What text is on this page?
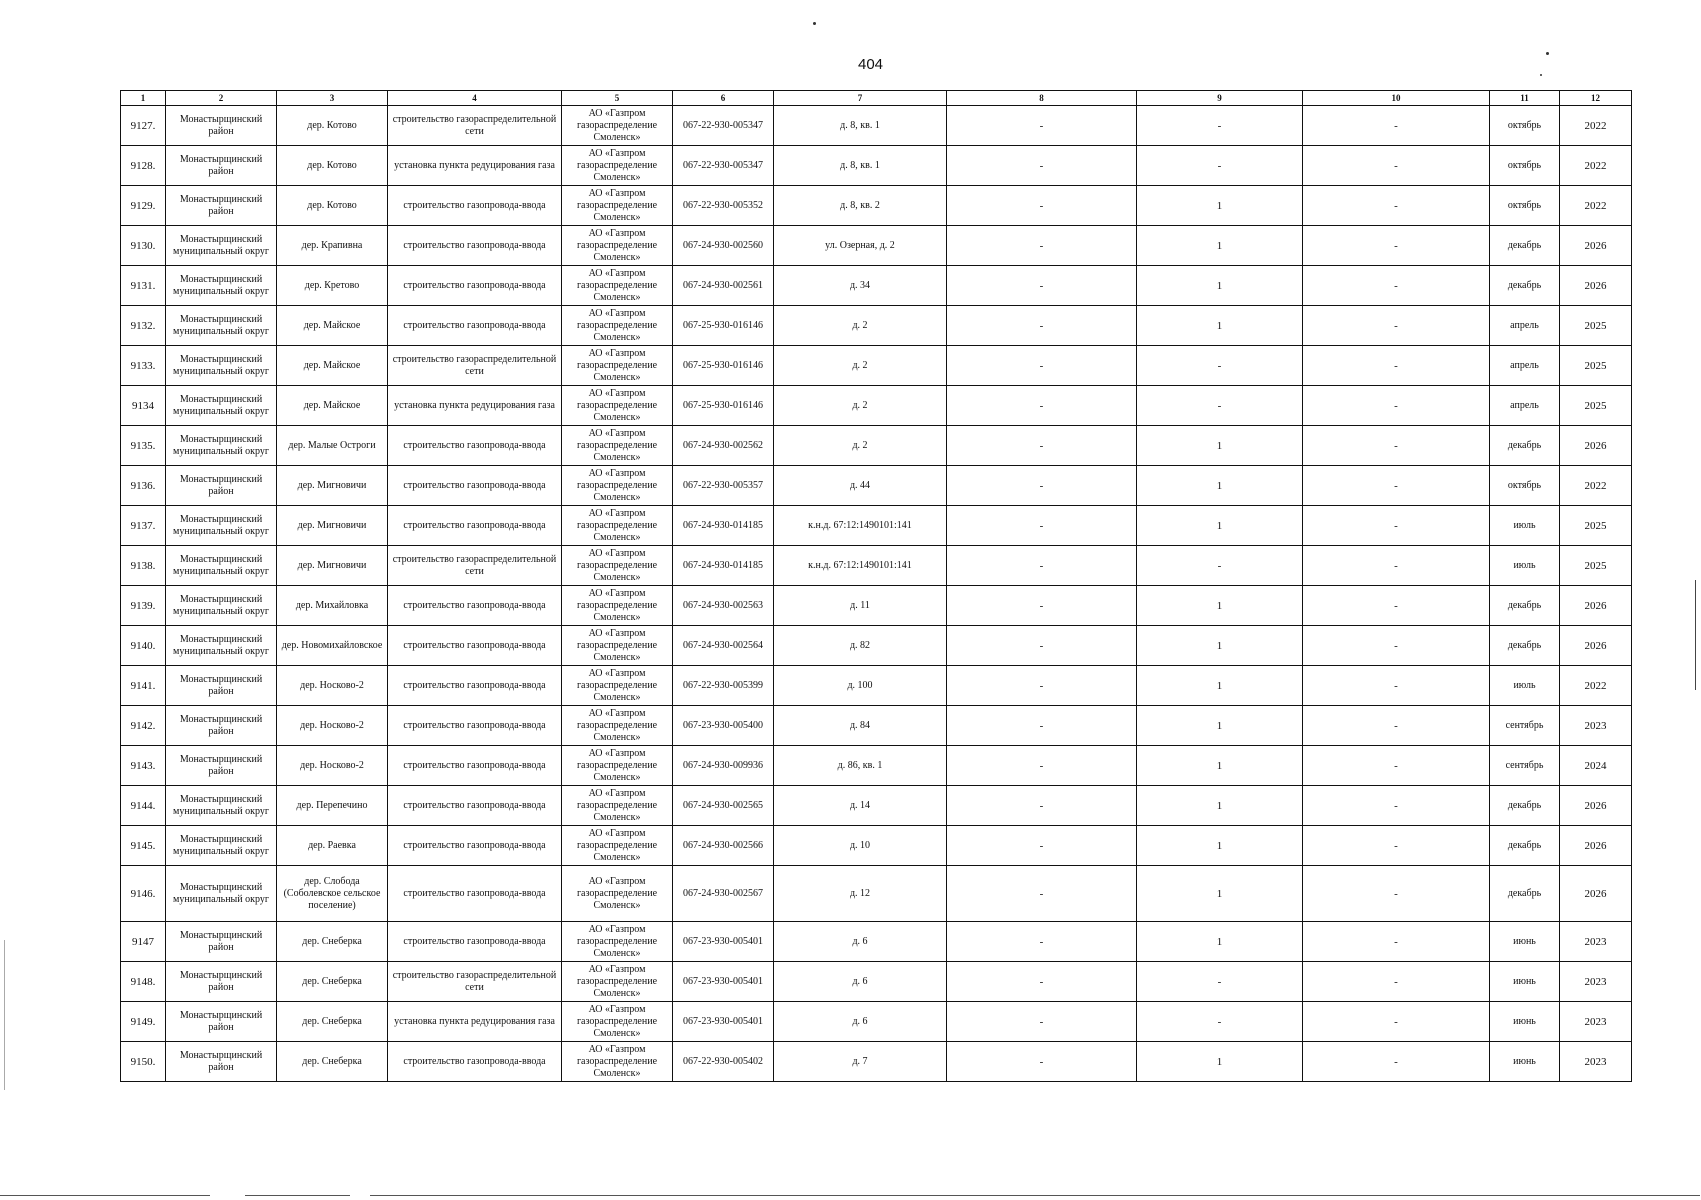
404
1	2	3	4	5	6	7	8	9	10	11	12
9127.	Монастырщинский район	дер. Котово	строительство газораспределительной сети	АО «Газпром газораспределение Смоленск»	067-22-930-005347	д. 8, кв. 1	-	-	-	октябрь	2022
9128.	Монастырщинский район	дер. Котово	установка пункта редуцирования газа	АО «Газпром газораспределение Смоленск»	067-22-930-005347	д. 8, кв. 1	-	-	-	октябрь	2022
9129.	Монастырщинский район	дер. Котово	строительство газопровода-ввода	АО «Газпром газораспределение Смоленск»	067-22-930-005352	д. 8, кв. 2	-	1	-	октябрь	2022
9130.	Монастырщинский муниципальный округ	дер. Крапивна	строительство газопровода-ввода	АО «Газпром газораспределение Смоленск»	067-24-930-002560	ул. Озерная, д. 2	-	1	-	декабрь	2026
9131.	Монастырщинский муниципальный округ	дер. Кретово	строительство газопровода-ввода	АО «Газпром газораспределение Смоленск»	067-24-930-002561	д. 34	-	1	-	декабрь	2026
9132.	Монастырщинский муниципальный округ	дер. Майское	строительство газопровода-ввода	АО «Газпром газораспределение Смоленск»	067-25-930-016146	д. 2	-	1	-	апрель	2025
9133.	Монастырщинский муниципальный округ	дер. Майское	строительство газораспределительной сети	АО «Газпром газораспределение Смоленск»	067-25-930-016146	д. 2	-	-	-	апрель	2025
9134	Монастырщинский муниципальный округ	дер. Майское	установка пункта редуцирования газа	АО «Газпром газораспределение Смоленск»	067-25-930-016146	д. 2	-	-	-	апрель	2025
9135.	Монастырщинский муниципальный округ	дер. Малые Остроги	строительство газопровода-ввода	АО «Газпром газораспределение Смоленск»	067-24-930-002562	д. 2	-	1	-	декабрь	2026
9136.	Монастырщинский район	дер. Мигновичи	строительство газопровода-ввода	АО «Газпром газораспределение Смоленск»	067-22-930-005357	д. 44	-	1	-	октябрь	2022
9137.	Монастырщинский муниципальный округ	дер. Мигновичи	строительство газопровода-ввода	АО «Газпром газораспределение Смоленск»	067-24-930-014185	к.н.д. 67:12:1490101:141	-	1	-	июль	2025
9138.	Монастырщинский муниципальный округ	дер. Мигновичи	строительство газораспределительной сети	АО «Газпром газораспределение Смоленск»	067-24-930-014185	к.н.д. 67:12:1490101:141	-	-	-	июль	2025
9139.	Монастырщинский муниципальный округ	дер. Михайловка	строительство газопровода-ввода	АО «Газпром газораспределение Смоленск»	067-24-930-002563	д. 11	-	1	-	декабрь	2026
9140.	Монастырщинский муниципальный округ	дер. Новомихайловское	строительство газопровода-ввода	АО «Газпром газораспределение Смоленск»	067-24-930-002564	д. 82	-	1	-	декабрь	2026
9141.	Монастырщинский район	дер. Носково-2	строительство газопровода-ввода	АО «Газпром газораспределение Смоленск»	067-22-930-005399	д. 100	-	1	-	июль	2022
9142.	Монастырщинский район	дер. Носково-2	строительство газопровода-ввода	АО «Газпром газораспределение Смоленск»	067-23-930-005400	д. 84	-	1	-	сентябрь	2023
9143.	Монастырщинский район	дер. Носково-2	строительство газопровода-ввода	АО «Газпром газораспределение Смоленск»	067-24-930-009936	д. 86, кв. 1	-	1	-	сентябрь	2024
9144.	Монастырщинский муниципальный округ	дер. Перепечино	строительство газопровода-ввода	АО «Газпром газораспределение Смоленск»	067-24-930-002565	д. 14	-	1	-	декабрь	2026
9145.	Монастырщинский муниципальный округ	дер. Раевка	строительство газопровода-ввода	АО «Газпром газораспределение Смоленск»	067-24-930-002566	д. 10	-	1	-	декабрь	2026
9146.	Монастырщинский муниципальный округ	дер. Слобода (Соболевское сельское поселение)	строительство газопровода-ввода	АО «Газпром газораспределение Смоленск»	067-24-930-002567	д. 12	-	1	-	декабрь	2026
9147	Монастырщинский район	дер. Снеберка	строительство газопровода-ввода	АО «Газпром газораспределение Смоленск»	067-23-930-005401	д. 6	-	1	-	июнь	2023
9148.	Монастырщинский район	дер. Снеберка	строительство газораспределительной сети	АО «Газпром газораспределение Смоленск»	067-23-930-005401	д. 6	-	-	-	июнь	2023
9149.	Монастырщинский район	дер. Снеберка	установка пункта редуцирования газа	АО «Газпром газораспределение Смоленск»	067-23-930-005401	д. 6	-	-	-	июнь	2023
9150.	Монастырщинский район	дер. Снеберка	строительство газопровода-ввода	АО «Газпром газораспределение Смоленск»	067-22-930-005402	д. 7	-	1	-	июнь	2023
